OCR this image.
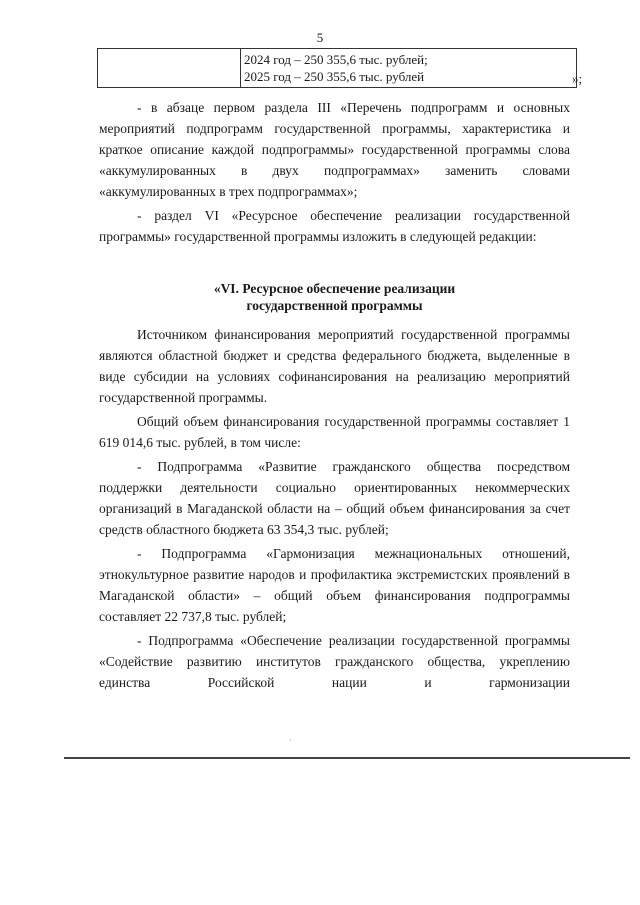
5
	2024 год – 250 355,6 тыс. рублей;
2025 год – 250 355,6 тыс. рублей	»;

- в абзаце первом раздела III «Перечень подпрограмм и основных мероприятий подпрограмм государственной программы, характеристика и краткое описание каждой подпрограммы» государственной программы слова «аккумулированных в двух подпрограммах» заменить словами «аккумулированных в трех подпрограммах»;

- раздел VI «Ресурсное обеспечение реализации государственной программы» государственной программы изложить в следующей редакции:

«VI. Ресурсное обеспечение реализации
государственной программы

Источником финансирования мероприятий государственной программы являются областной бюджет и средства федерального бюджета, выделенные в виде субсидии на условиях софинансирования на реализацию мероприятий государственной программы.

Общий объем финансирования государственной программы составляет 1 619 014,6 тыс. рублей, в том числе:

- Подпрограмма «Развитие гражданского общества посредством поддержки деятельности социально ориентированных некоммерческих организаций в Магаданской области на – общий объем финансирования за счет средств областного бюджета 63 354,3 тыс. рублей;

- Подпрограмма «Гармонизация межнациональных отношений, этнокультурное развитие народов и профилактика экстремистских проявлений в Магаданской области» – общий объем финансирования подпрограммы составляет 22 737,8 тыс. рублей;

- Подпрограмма «Обеспечение реализации государственной программы «Содействие развитию институтов гражданского общества, укреплению единства Российской нации и гармонизации

·
